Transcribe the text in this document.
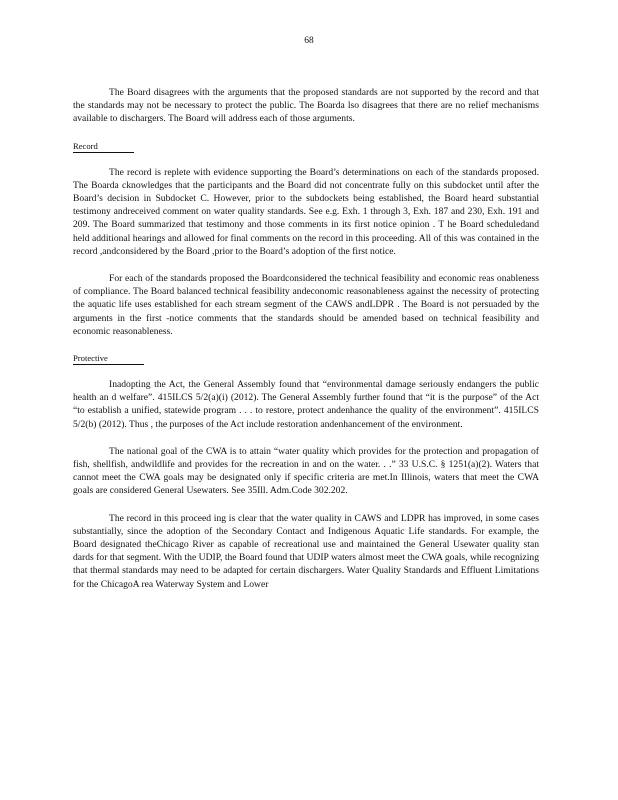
68

The Board disagrees with the arguments that the proposed standards are not supported by the record and that the standards may not be necessary to protect the public. The Boarda lso disagrees that there are no relief mechanisms available to dischargers. The Board will address each of those arguments.

Record

The record is replete with evidence supporting the Board’s determinations on each of the standards proposed. The Boarda cknowledges that the participants and the Board did not concentrate fully on this subdocket until after the Board’s decision in Subdocket C. However, prior to the subdockets being established, the Board heard substantial testimony andreceived comment on water quality standards. See e.g. Exh. 1 through 3, Exh. 187 and 230, Exh. 191 and 209. The Board summarized that testimony and those comments in its first notice opinion . T he Board scheduledand held additional hearings and allowed for final comments on the record in this proceeding. All of this was contained in the record ,andconsidered by the Board ,prior to the Board’s adoption of the first notice.

For each of the standards proposed the Boardconsidered the technical feasibility and economic reas onableness of compliance. The Board balanced technical feasibility andeconomic reasonableness against the necessity of protecting the aquatic life uses established for each stream segment of the CAWS andLDPR . The Board is not persuaded by the arguments in the first -notice comments that the standards should be amended based on technical feasibility and economic reasonableness.

Protective

Inadopting the Act, the General Assembly found that “environmental damage seriously endangers the public health an d welfare”. 415ILCS 5/2(a)(i) (2012). The General Assembly further found that “it is the purpose” of the Act “to establish a unified, statewide program . . . to restore, protect andenhance the quality of the environment”. 415ILCS 5/2(b) (2012). Thus , the purposes of the Act include restoration andenhancement of the environment.

The national goal of the CWA is to attain “water quality which provides for the protection and propagation of fish, shellfish, andwildlife and provides for the recreation in and on the water. . .” 33 U.S.C. § 1251(a)(2). Waters that cannot meet the CWA goals may be designated only if specific criteria are met.In Illinois, waters that meet the CWA goals are considered General Usewaters. See 35Ill. Adm.Code 302.202.

The record in this proceed ing is clear that the water quality in CAWS and LDPR has improved, in some cases substantially, since the adoption of the Secondary Contact and Indigenous Aquatic Life standards. For example, the Board designated theChicago River as capable of recreational use and maintained the General Usewater quality stan dards for that segment. With the UDIP, the Board found that UDIP waters almost meet the CWA goals, while recognizing that thermal standards may need to be adapted for certain dischargers. Water Quality Standards and Effluent Limitations for the ChicagoA rea Waterway System and Lower
